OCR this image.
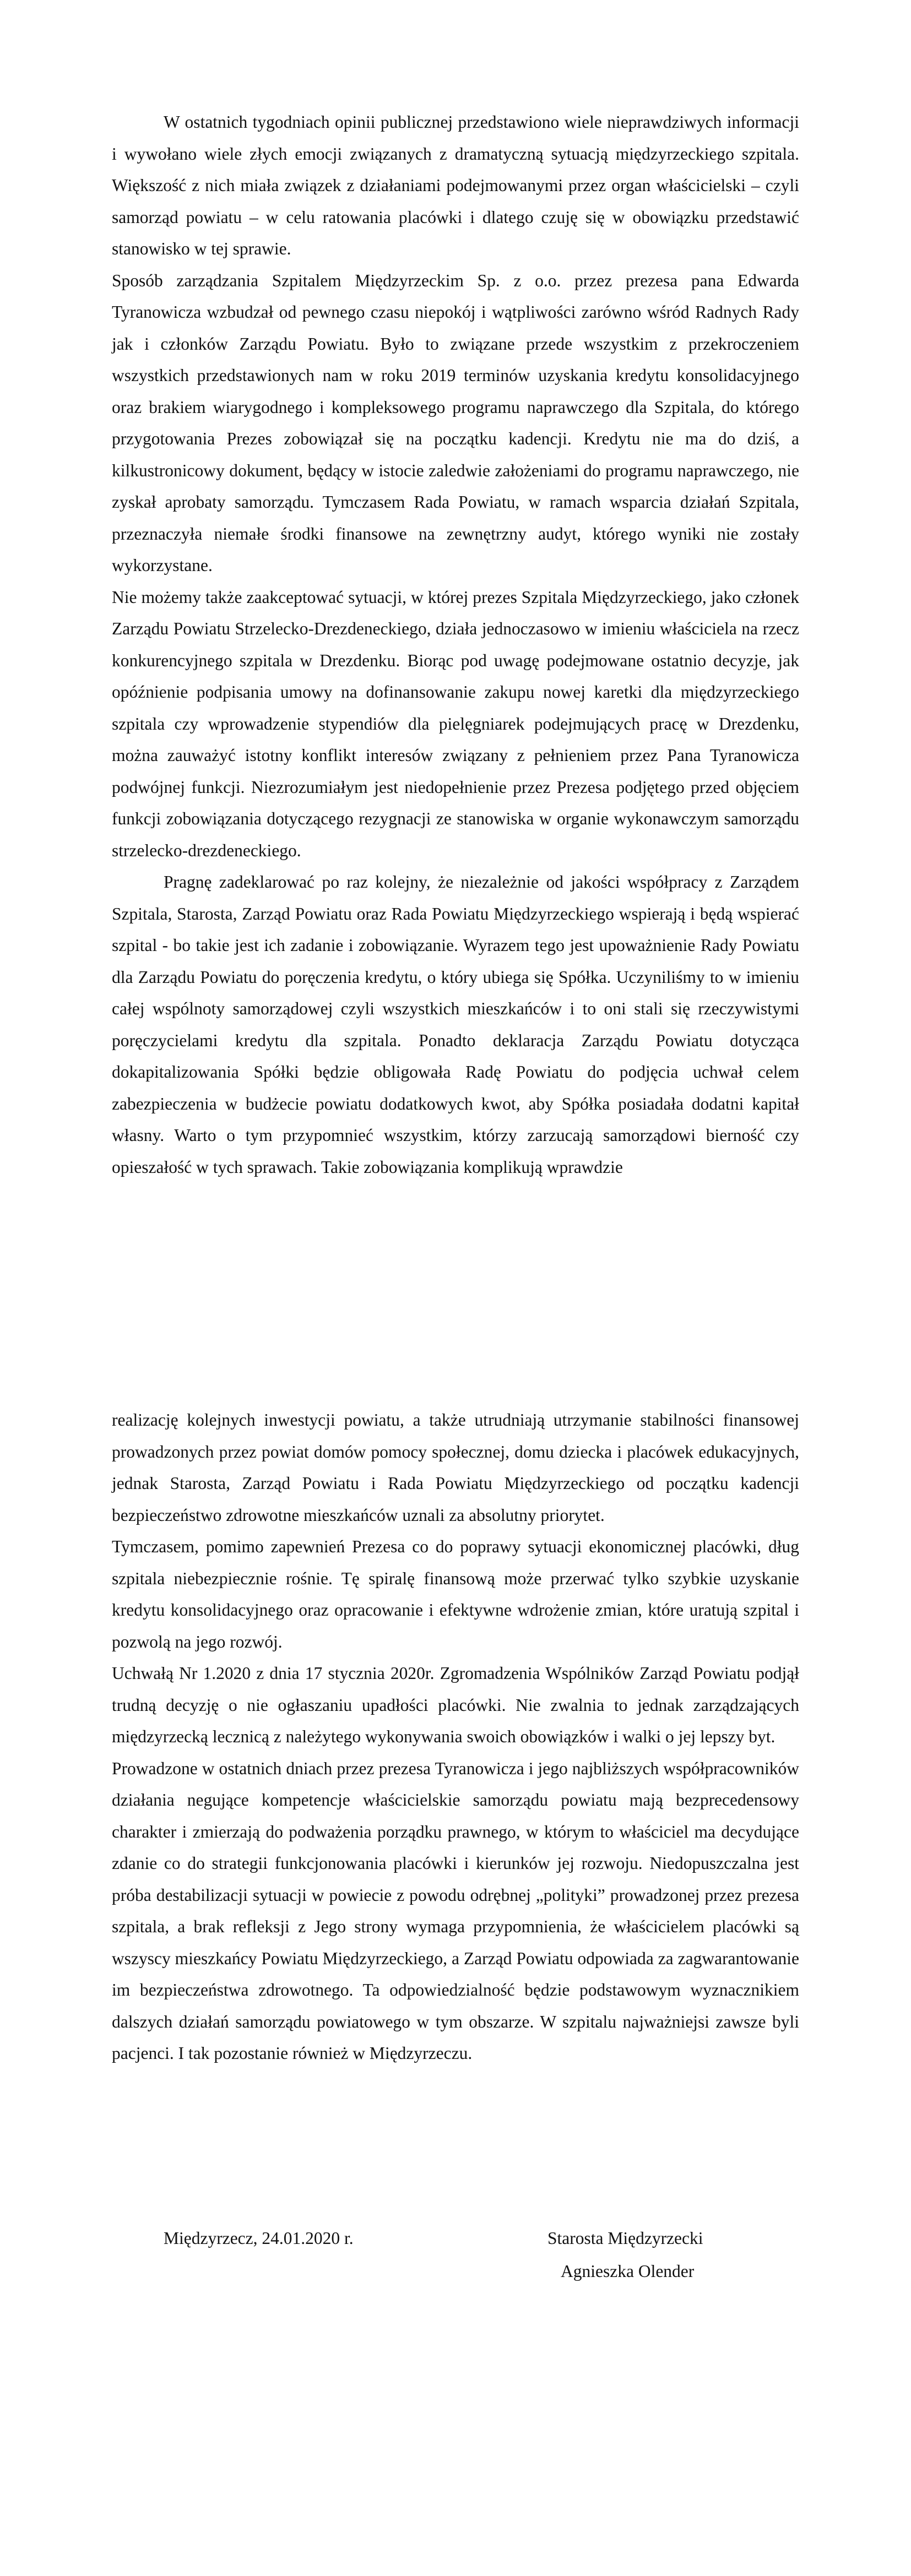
W ostatnich tygodniach opinii publicznej przedstawiono wiele nieprawdziwych informacji i wywołano wiele złych emocji związanych z dramatyczną sytuacją międzyrzeckiego szpitala. Większość z nich miała związek z działaniami podejmowanymi przez organ właścicielski – czyli samorząd powiatu – w celu ratowania placówki i dlatego czuję się w obowiązku przedstawić stanowisko w tej sprawie.

Sposób zarządzania Szpitalem Międzyrzeckim Sp. z o.o. przez prezesa pana Edwarda Tyranowicza wzbudzał od pewnego czasu niepokój i wątpliwości zarówno wśród Radnych Rady jak i członków Zarządu Powiatu. Było to związane przede wszystkim z przekroczeniem wszystkich przedstawionych nam w roku 2019 terminów uzyskania kredytu konsolidacyjnego oraz brakiem wiarygodnego i kompleksowego programu naprawczego dla Szpitala, do którego przygotowania Prezes zobowiązał się na początku kadencji. Kredytu nie ma do dziś, a kilkustronicowy dokument, będący w istocie zaledwie założeniami do programu naprawczego, nie zyskał aprobaty samorządu. Tymczasem Rada Powiatu, w ramach wsparcia działań Szpitala, przeznaczyła niemałe środki finansowe na zewnętrzny audyt, którego wyniki nie zostały wykorzystane.

Nie możemy także zaakceptować sytuacji, w której prezes Szpitala Międzyrzeckiego, jako członek Zarządu Powiatu Strzelecko-Drezdeneckiego, działa jednoczasowo w imieniu właściciela na rzecz konkurencyjnego szpitala w Drezdenku. Biorąc pod uwagę podejmowane ostatnio decyzje, jak opóźnienie podpisania umowy na dofinansowanie zakupu nowej karetki dla międzyrzeckiego szpitala czy wprowadzenie stypendiów dla pielęgniarek podejmujących pracę w Drezdenku, można zauważyć istotny konflikt interesów związany z pełnieniem przez Pana Tyranowicza podwójnej funkcji. Niezrozumiałym jest niedopełnienie przez Prezesa podjętego przed objęciem funkcji zobowiązania dotyczącego rezygnacji ze stanowiska w organie wykonawczym samorządu strzelecko-drezdeneckiego.

Pragnę zadeklarować po raz kolejny, że niezależnie od jakości współpracy z Zarządem Szpitala, Starosta, Zarząd Powiatu oraz Rada Powiatu Międzyrzeckiego wspierają i będą wspierać szpital - bo takie jest ich zadanie i zobowiązanie. Wyrazem tego jest upoważnienie Rady Powiatu dla Zarządu Powiatu do poręczenia kredytu, o który ubiega się Spółka. Uczyniliśmy to w imieniu całej wspólnoty samorządowej czyli wszystkich mieszkańców i to oni stali się rzeczywistymi poręczycielami kredytu dla szpitala. Ponadto deklaracja Zarządu Powiatu dotycząca dokapitalizowania Spółki będzie obligowała Radę Powiatu do podjęcia uchwał celem zabezpieczenia w budżecie powiatu dodatkowych kwot, aby Spółka posiadała dodatni kapitał własny. Warto o tym przypomnieć wszystkim, którzy zarzucają samorządowi bierność czy opieszałość w tych sprawach. Takie zobowiązania komplikują wprawdzie

realizację kolejnych inwestycji powiatu, a także utrudniają utrzymanie stabilności finansowej prowadzonych przez powiat domów pomocy społecznej, domu dziecka i placówek edukacyjnych, jednak Starosta, Zarząd Powiatu i Rada Powiatu Międzyrzeckiego od początku kadencji bezpieczeństwo zdrowotne mieszkańców uznali za absolutny priorytet.

Tymczasem, pomimo zapewnień Prezesa co do poprawy sytuacji ekonomicznej placówki, dług szpitala niebezpiecznie rośnie. Tę spiralę finansową może przerwać tylko szybkie uzyskanie kredytu konsolidacyjnego oraz opracowanie i efektywne wdrożenie zmian, które uratują szpital i pozwolą na jego rozwój.

Uchwałą Nr 1.2020 z dnia 17 stycznia 2020r. Zgromadzenia Wspólników Zarząd Powiatu podjął trudną decyzję o nie ogłaszaniu upadłości placówki. Nie zwalnia to jednak zarządzających międzyrzecką lecznicą z należytego wykonywania swoich obowiązków i walki o jej lepszy byt.

Prowadzone w ostatnich dniach przez prezesa Tyranowicza i jego najbliższych współpracowników działania negujące kompetencje właścicielskie samorządu powiatu mają bezprecedensowy charakter i zmierzają do podważenia porządku prawnego, w którym to właściciel ma decydujące zdanie co do strategii funkcjonowania placówki i kierunków jej rozwoju. Niedopuszczalna jest próba destabilizacji sytuacji w powiecie z powodu odrębnej „polityki” prowadzonej przez prezesa szpitala, a brak refleksji z Jego strony wymaga przypomnienia, że właścicielem placówki są wszyscy mieszkańcy Powiatu Międzyrzeckiego, a Zarząd Powiatu odpowiada za zagwarantowanie im bezpieczeństwa zdrowotnego. Ta odpowiedzialność będzie podstawowym wyznacznikiem dalszych działań samorządu powiatowego w tym obszarze. W szpitalu najważniejsi zawsze byli pacjenci. I tak pozostanie również w Międzyrzeczu.

Międzyrzecz, 24.01.2020 r.	Starosta Międzyrzecki
Agnieszka Olender
